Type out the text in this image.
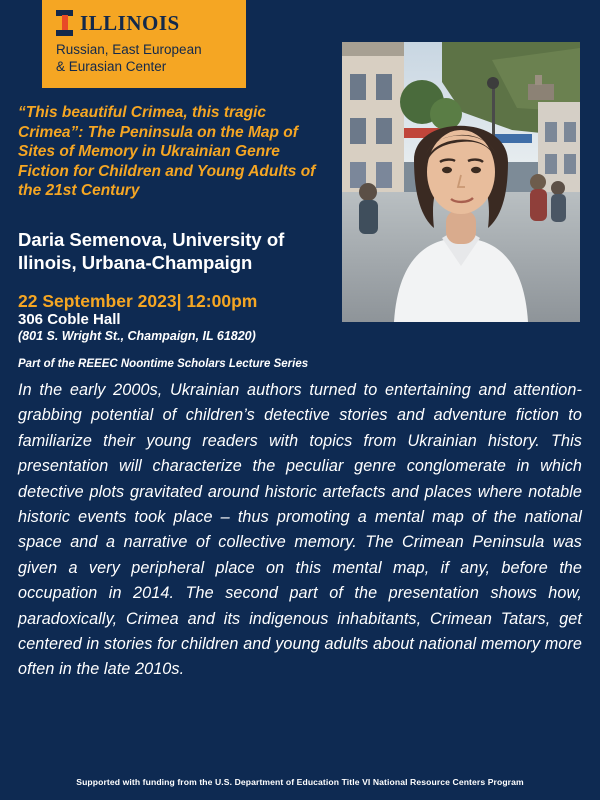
ILLINOIS
Russian, East European
& Eurasian Center
“This beautiful Crimea, this tragic Crimea”: The Peninsula on the Map of Sites of Memory in Ukrainian Genre Fiction for Children and Young Adults of the 21st Century
Daria Semenova, University of Ilinois, Urbana-Champaign
22 September 2023| 12:00pm
306 Coble Hall
(801 S. Wright St., Champaign, IL 61820)
Part of the REEEC Noontime Scholars Lecture Series
In the early 2000s, Ukrainian authors turned to entertaining and attention-grabbing potential of children’s detective stories and adventure fiction to familiarize their young readers with topics from Ukrainian history. This presentation will characterize the peculiar genre conglomerate in which detective plots gravitated around historic artefacts and places where notable historic events took place – thus promoting a mental map of the national space and a narrative of collective memory. The Crimean Peninsula was given a very peripheral place on this mental map, if any, before the occupation in 2014. The second part of the presentation shows how, paradoxically, Crimea and its indigenous inhabitants, Crimean Tatars, get centered in stories for children and young adults about national memory more often in the late 2010s.
Supported with funding from the U.S. Department of Education Title VI National Resource Centers Program
